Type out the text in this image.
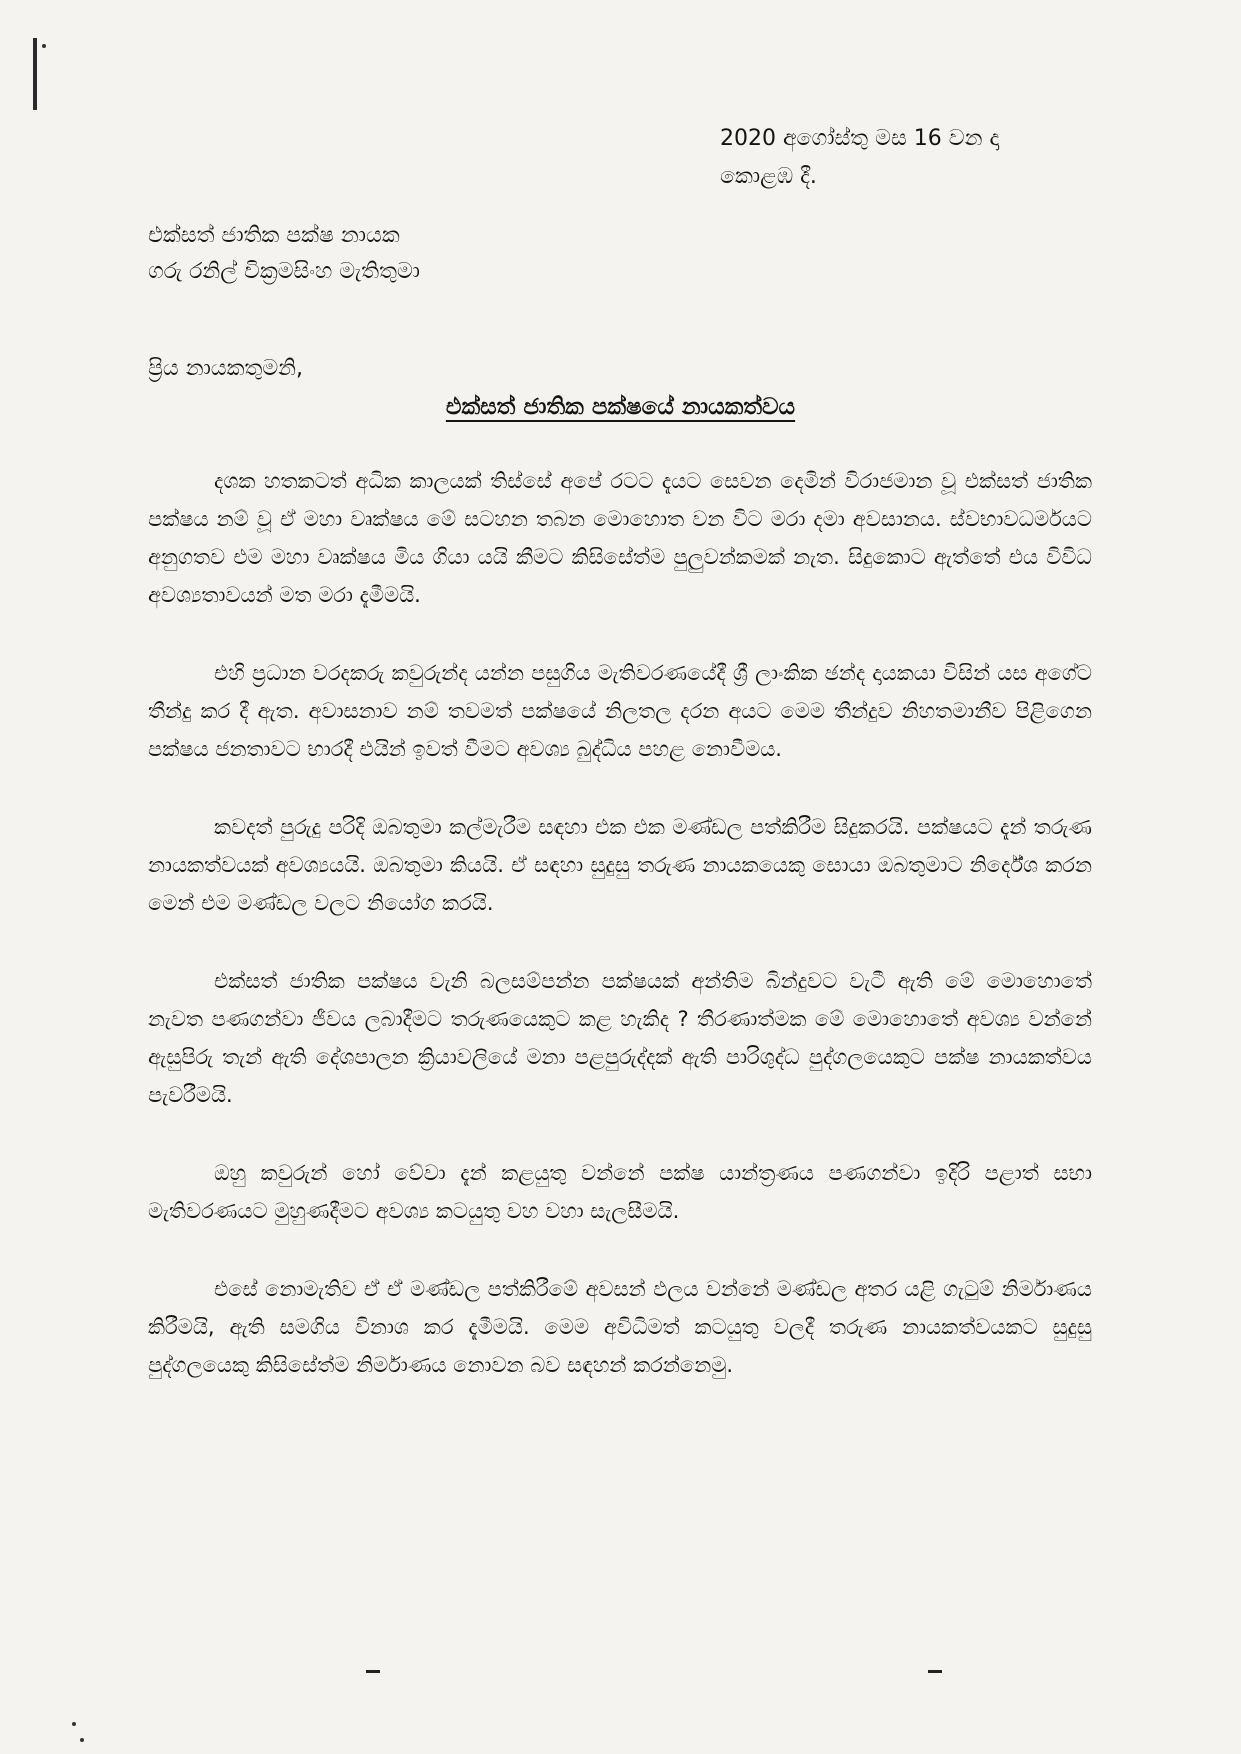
2020 අගෝස්තු මස 16 වන දා
කොළඹ දී.
එක්සත් ජාතික පක්ෂ නායක
ගරු රනිල් වික්‍රමසිංහ මැතිතුමා
ප්‍රිය නායකතුමනි,
එක්සත් ජාතික පක්ෂයේ නායකත්වය

දශක හතකටත් අධික කාලයක් තිස්සේ අපේ රටට දැයට සෙවන දෙමින් විරාජමාන වූ එක්සත් ජාතික පක්ෂය නම් වූ ඒ මහා වෘක්ෂය මේ සටහන තබන මොහොත වන විට මරා දමා අවසානය. ස්වභාවධර්මයට අනුගතව එම මහා වෘක්ෂය මිය ගියා යයි කීමට කිසිසේත්ම පුලුවන්කමක් නැත. සිදුකොට ඇත්තේ එය විවිධ අවශ්‍යතාවයන් මත මරා දැමීමයි.

එහි ප්‍රධාන වරදකරු කවුරුන්ද යන්න පසුගිය මැතිවරණයේදී ශ්‍රී ලාංකික ඡන්ද දායකයා විසින් යස අගේට තීන්දු කර දී ඇත. අවාසනාව නම් තවමත් පක්ෂයේ නිලතල දරන අයට මෙම තීන්දුව නිහතමානීව පිළිගෙන පක්ෂය ජනතාවට භාරදී එයින් ඉවත් වීමට අවශ්‍ය බුද්ධිය පහළ නොවීමය.

කවදත් පුරුදු පරිදි ඔබතුමා කල්මැරීම සඳහා එක එක මණ්ඩල පත්කිරීම සිදුකරයි. පක්ෂයට දැන් තරුණ නායකත්වයක් අවශ්‍යයයි. ඔබතුමා කියයි. ඒ සඳහා සුදුසු තරුණ නායකයෙකු සොයා ඔබතුමාට නිර්දේශ කරන මෙන් එම මණ්ඩල වලට නියෝග කරයි.

එක්සත් ජාතික පක්ෂය වැනි බලසම්පන්න පක්ෂයක් අන්තිම බින්දුවට වැටී ඇති මේ මොහොතේ නැවත පණගන්වා ජීවය ලබාදීමට තරුණයෙකුට කළ හැකිද ? තීරණාත්මක මේ මොහොතේ අවශ්‍ය වන්නේ ඇසුපිරු තැන් ඇති දේශපාලන ක්‍රියාවලියේ මනා පළපුරුද්දක් ඇති පාරිශුද්ධ පුද්ගලයෙකුට පක්ෂ නායකත්වය පැවරීමයි.

ඔහු කවුරුන් හෝ වේවා දැන් කළයුතු වන්නේ පක්ෂ යාන්ත්‍රණය පණගන්වා ඉදිරි පළාත් සභා මැතිවරණයට මුහුණදීමට අවශ්‍ය කටයුතු වහ වහා සැලසීමයි.

එසේ නොමැතිව ඒ ඒ මණ්ඩල පත්කිරීමේ අවසන් ඵලය වන්නේ මණ්ඩල අතර යළි ගැටුම් නිර්මාණය කිරීමයි, ඇති සමගිය විනාශ කර දැමීමයි. මෙම අවිධිමත් කටයුතු වලදී තරුණ නායකත්වයකට සුදුසු පුද්ගලයෙකු කිසිසේත්ම නිර්මාණය නොවන බව සඳහන් කරන්නෙමු.
